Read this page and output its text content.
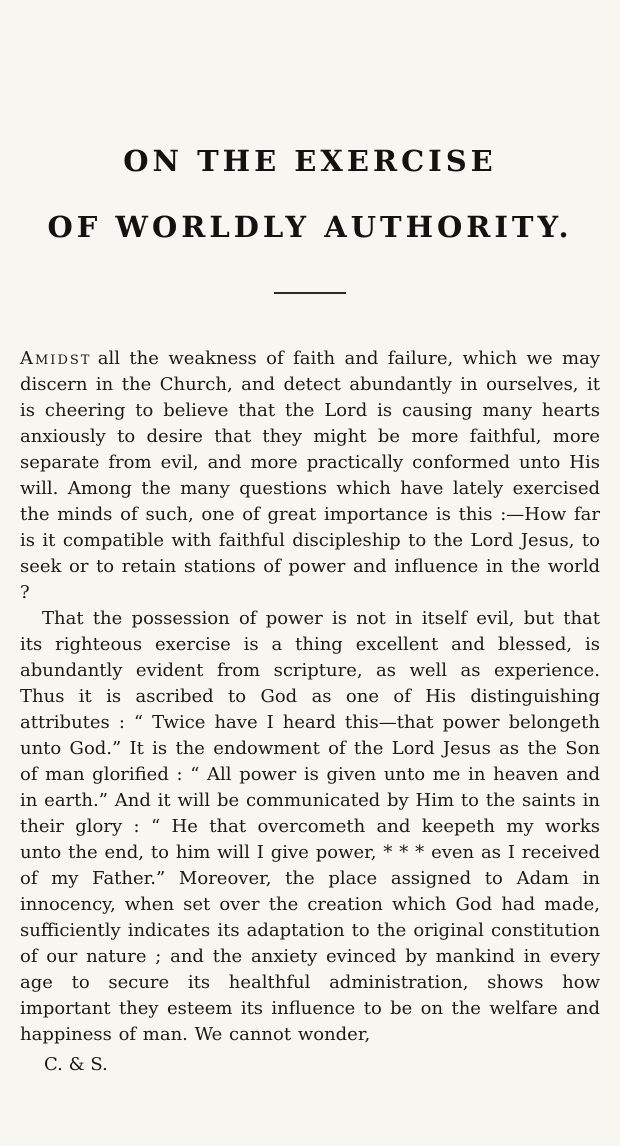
ON THE EXERCISE
OF WORLDLY AUTHORITY.

Amidst all the weakness of faith and failure, which we may discern in the Church, and detect abundantly in ourselves, it is cheering to believe that the Lord is causing many hearts anxiously to desire that they might be more faithful, more separate from evil, and more practically conformed unto His will. Among the many questions which have lately exercised the minds of such, one of great importance is this :—How far is it compatible with faithful discipleship to the Lord Jesus, to seek or to retain stations of power and influence in the world ?

That the possession of power is not in itself evil, but that its righteous exercise is a thing excellent and blessed, is abundantly evident from scripture, as well as experience. Thus it is ascribed to God as one of His distinguishing attributes : “ Twice have I heard this—that power belongeth unto God.” It is the endowment of the Lord Jesus as the Son of man glorified : “ All power is given unto me in heaven and in earth.” And it will be communicated by Him to the saints in their glory : “ He that overcometh and keepeth my works unto the end, to him will I give power, * * * even as I received of my Father.” Moreover, the place assigned to Adam in innocency, when set over the creation which God had made, sufficiently indicates its adaptation to the original constitution of our nature ; and the anxiety evinced by mankind in every age to secure its healthful administration, shows how important they esteem its influence to be on the welfare and happiness of man. We cannot wonder,

C. & S.
